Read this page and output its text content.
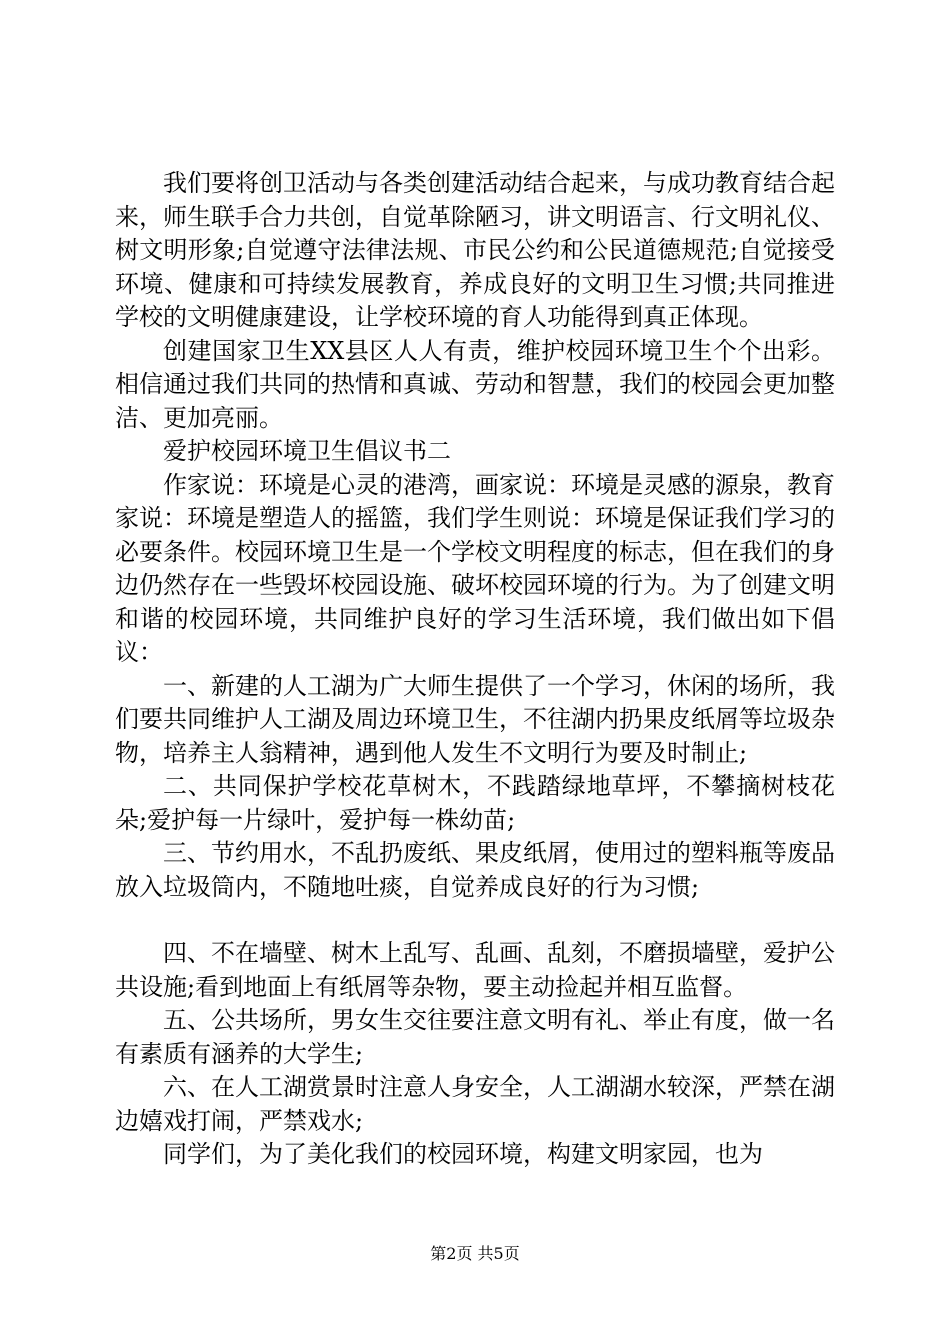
我们要将创卫活动与各类创建活动结合起来，与成功教育结合起来，师生联手合力共创，自觉革除陋习，讲文明语言、行文明礼仪、树文明形象;自觉遵守法律法规、市民公约和公民道德规范;自觉接受环境、健康和可持续发展教育，养成良好的文明卫生习惯;共同推进学校的文明健康建设，让学校环境的育人功能得到真正体现。

创建国家卫生XX县区人人有责，维护校园环境卫生个个出彩。相信通过我们共同的热情和真诚、劳动和智慧，我们的校园会更加整洁、更加亮丽。

爱护校园环境卫生倡议书二

作家说：环境是心灵的港湾，画家说：环境是灵感的源泉，教育家说：环境是塑造人的摇篮，我们学生则说：环境是保证我们学习的必要条件。校园环境卫生是一个学校文明程度的标志，但在我们的身边仍然存在一些毁坏校园设施、破坏校园环境的行为。为了创建文明和谐的校园环境，共同维护良好的学习生活环境，我们做出如下倡议：

一、新建的人工湖为广大师生提供了一个学习，休闲的场所，我们要共同维护人工湖及周边环境卫生，不往湖内扔果皮纸屑等垃圾杂物，培养主人翁精神，遇到他人发生不文明行为要及时制止;

二、共同保护学校花草树木，不践踏绿地草坪，不攀摘树枝花朵;爱护每一片绿叶，爱护每一株幼苗;

三、节约用水，不乱扔废纸、果皮纸屑，使用过的塑料瓶等废品放入垃圾筒内，不随地吐痰，自觉养成良好的行为习惯;

四、不在墙壁、树木上乱写、乱画、乱刻，不磨损墙壁，爱护公共设施;看到地面上有纸屑等杂物，要主动捡起并相互监督。

五、公共场所，男女生交往要注意文明有礼、举止有度，做一名有素质有涵养的大学生;

六、在人工湖赏景时注意人身安全，人工湖湖水较深，严禁在湖边嬉戏打闹，严禁戏水;

同学们，为了美化我们的校园环境，构建文明家园，也为

第2页 共5页
